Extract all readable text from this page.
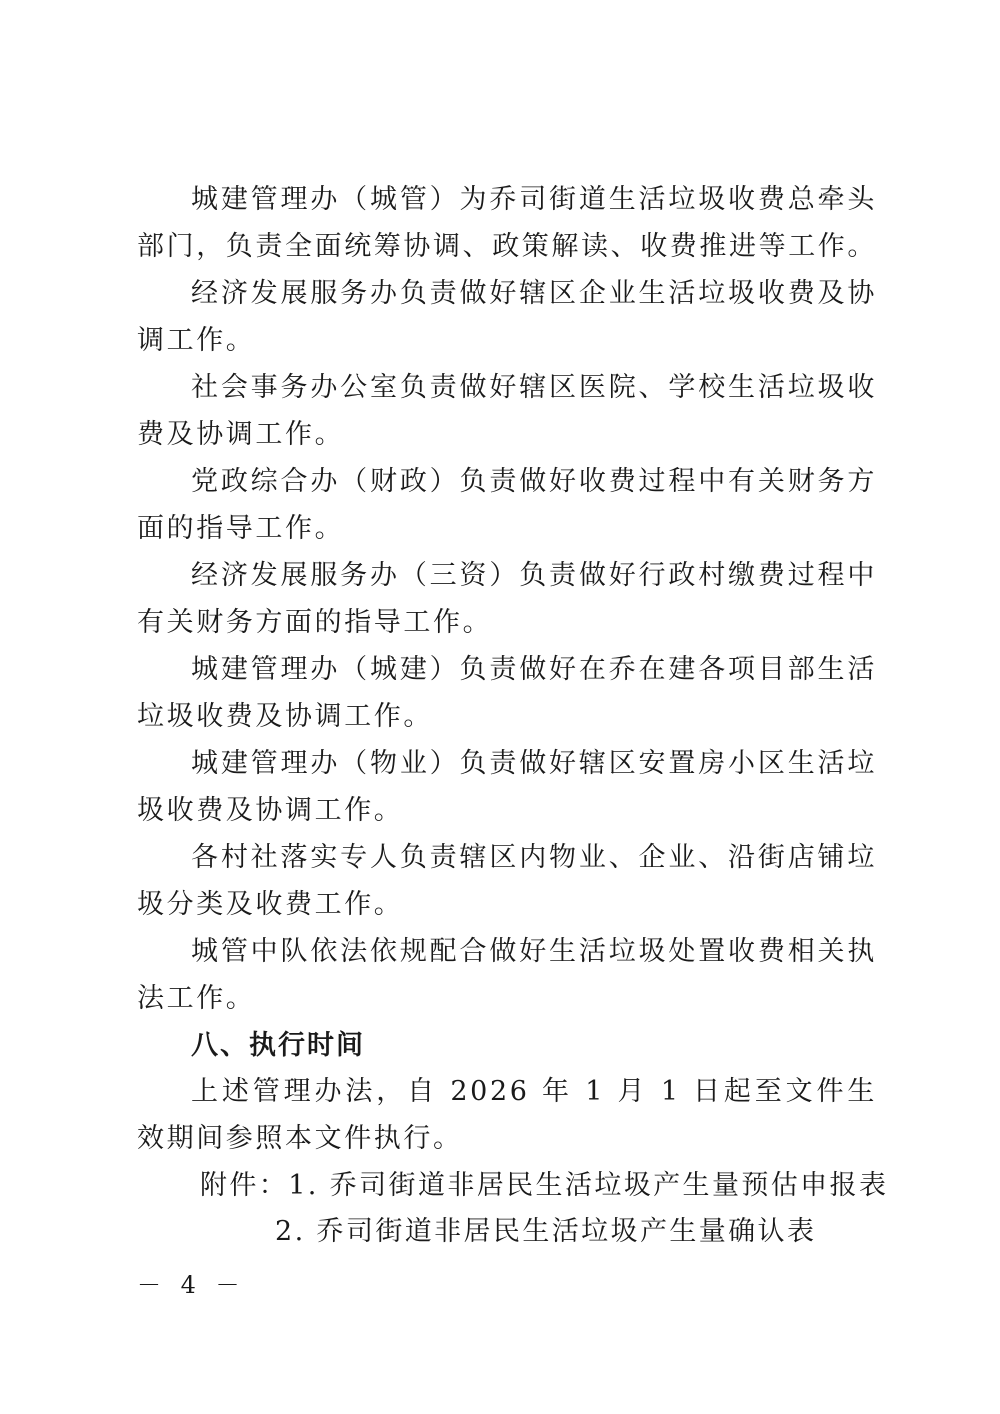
城建管理办（城管）为乔司街道生活垃圾收费总牵头部门，负责全面统筹协调、政策解读、收费推进等工作。

经济发展服务办负责做好辖区企业生活垃圾收费及协调工作。

社会事务办公室负责做好辖区医院、学校生活垃圾收费及协调工作。

党政综合办（财政）负责做好收费过程中有关财务方面的指导工作。

经济发展服务办（三资）负责做好行政村缴费过程中有关财务方面的指导工作。

城建管理办（城建）负责做好在乔在建各项目部生活垃圾收费及协调工作。

城建管理办（物业）负责做好辖区安置房小区生活垃圾收费及协调工作。

各村社落实专人负责辖区内物业、企业、沿街店铺垃圾分类及收费工作。

城管中队依法依规配合做好生活垃圾处置收费相关执法工作。

八、执行时间

上述管理办法，自 2026 年 1 月 1 日起至文件生效期间参照本文件执行。

附件：1. 乔司街道非居民生活垃圾产生量预估申报表
2. 乔司街道非居民生活垃圾产生量确认表
－ 4 －
